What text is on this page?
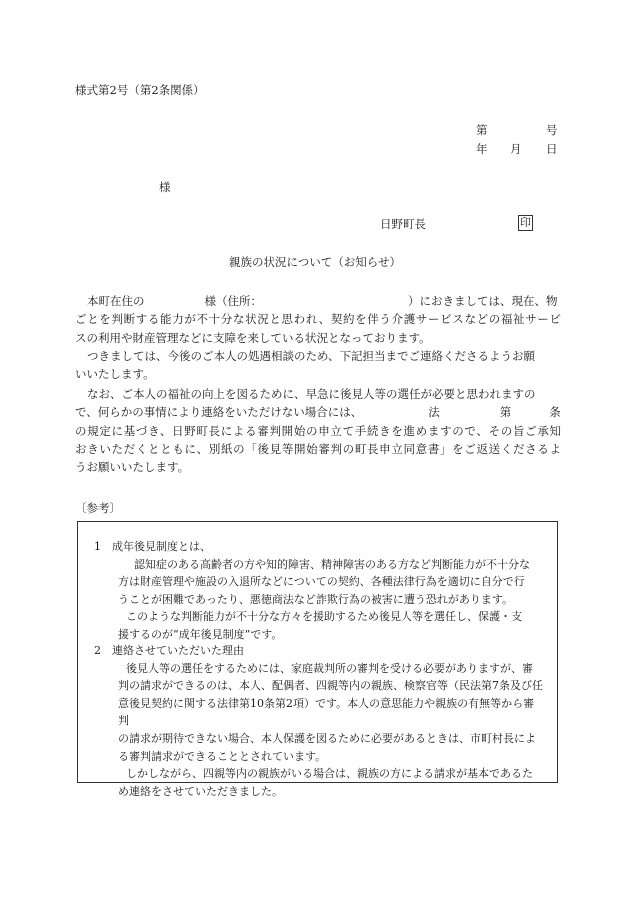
様式第2号（第2条関係）
第	号
年 月 日
様
日野町長	印
親族の状況について（お知らせ）

本町在住の	様（住所：	）におきましては、現在、物

ごとを判断する能力が不十分な状況と思われ、契約を伴う介護サービスなどの福祉サービ

スの利用や財産管理などに支障を来している状況となっております。

つきましては、今後のご本人の処遇相談のため、下記担当までご連絡くださるようお願

いいたします。

なお、ご本人の福祉の向上を図るために、早急に後見人等の選任が必要と思われますの

で、何らかの事情により連絡をいただけない場合には、	法	第	条

の規定に基づき、日野町長による審判開始の申立て手続きを進めますので、その旨ご承知

おきいただくとともに、別紙の「後見等開始審判の町長申立同意書」をご返送くださるよ

うお願いいたします。

〔参考〕

1　成年後見制度とは、

認知症のある高齢者の方や知的障害、精神障害のある方など判断能力が不十分な

方は財産管理や施設の入退所などについての契約、各種法律行為を適切に自分で行

うことが困難であったり、悪徳商法など詐欺行為の被害に遭う恐れがあります。

このような判断能力が不十分な方々を援助するため後見人等を選任し、保護・支

援するのが“成年後見制度”です。

2　連絡させていただいた理由

後見人等の選任をするためには、家庭裁判所の審判を受ける必要がありますが、審

判の請求ができるのは、本人、配偶者、四親等内の親族、検察官等（民法第7条及び任

意後見契約に関する法律第10条第2項）です。本人の意思能力や親族の有無等から審判

の請求が期待できない場合、本人保護を図るために必要があるときは、市町村長によ

る審判請求ができることとされています。

しかしながら、四親等内の親族がいる場合は、親族の方による請求が基本であるた

め連絡をさせていただきました。
